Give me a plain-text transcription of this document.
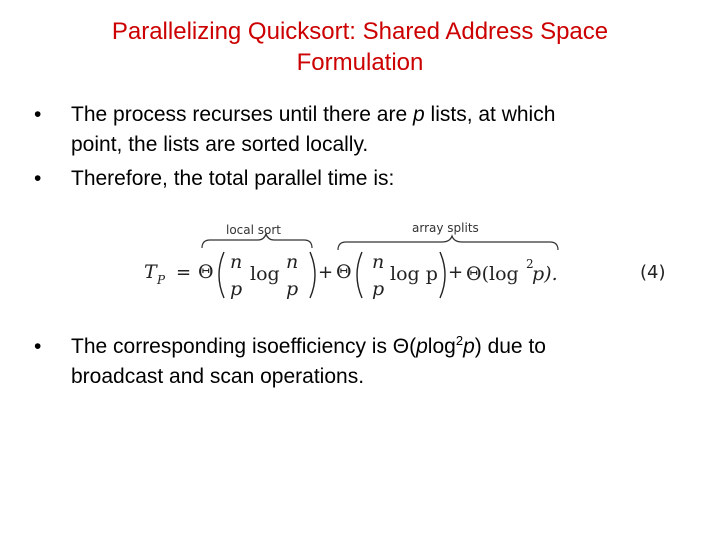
Parallelizing Quicksort: Shared Address Space
Formulation
• The process recurses until there are p lists, at which
point, the lists are sorted locally.
• Therefore, the total parallel time is:
• The corresponding isoefficiency is Θ(plog$^2$p) due to
broadcast and scan operations.
local sort	array splits
T P = Θ n
p
log
n
p
+ Θ n
p
log p + Θ(log 2
p).	(4)
